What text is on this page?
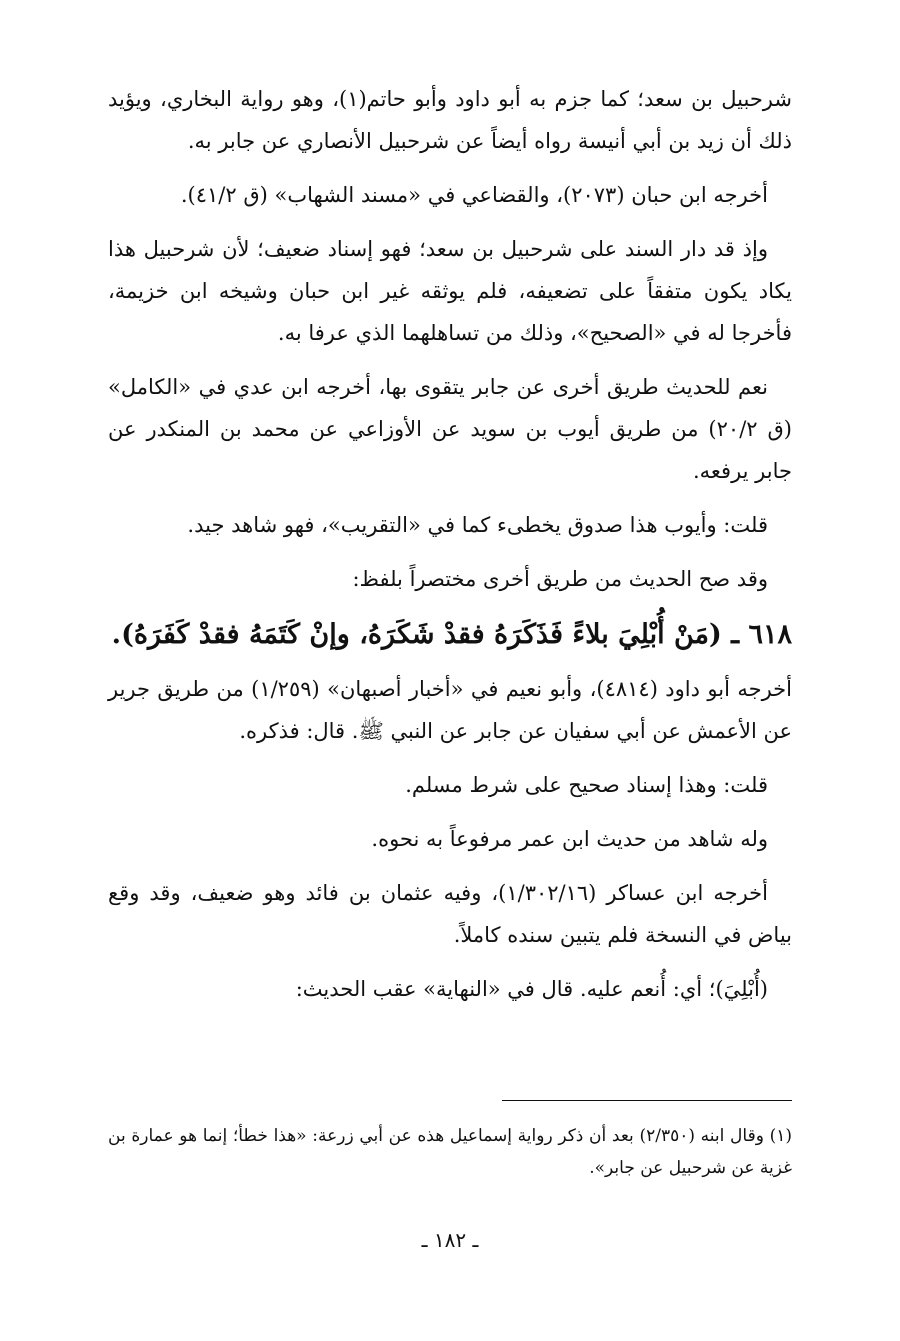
شرحبيل بن سعد؛ كما جزم به أبو داود وأبو حاتم(١)، وهو رواية البخاري، ويؤيد ذلك أن زيد بن أبي أنيسة رواه أيضاً عن شرحبيل الأنصاري عن جابر به.

أخرجه ابن حبان (٢٠٧٣)، والقضاعي في «مسند الشهاب» (ق ٤١/٢).

وإذ قد دار السند على شرحبيل بن سعد؛ فهو إسناد ضعيف؛ لأن شرحبيل هذا يكاد يكون متفقاً على تضعيفه، فلم يوثقه غير ابن حبان وشيخه ابن خزيمة، فأخرجا له في «الصحيح»، وذلك من تساهلهما الذي عرفا به.

نعم للحديث طريق أخرى عن جابر يتقوى بها، أخرجه ابن عدي في «الكامل» (ق ٢٠/٢) من طريق أيوب بن سويد عن الأوزاعي عن محمد بن المنكدر عن جابر يرفعه.

قلت: وأيوب هذا صدوق يخطىء كما في «التقريب»، فهو شاهد جيد.

وقد صح الحديث من طريق أخرى مختصراً بلفظ:

٦١٨ ـ (مَنْ أُبْلِيَ بلاءً فَذَكَرَهُ فقدْ شَكَرَهُ، وإنْ كَتَمَهُ فقدْ كَفَرَهُ).

أخرجه أبو داود (٤٨١٤)، وأبو نعيم في «أخبار أصبهان» (١/٢٥٩) من طريق جرير عن الأعمش عن أبي سفيان عن جابر عن النبي ﷺ. قال: فذكره.

قلت: وهذا إسناد صحيح على شرط مسلم.

وله شاهد من حديث ابن عمر مرفوعاً به نحوه.

أخرجه ابن عساكر (١/٣٠٢/١٦)، وفيه عثمان بن فائد وهو ضعيف، وقد وقع بياض في النسخة فلم يتبين سنده كاملاً.

(أُبْلِيَ)؛ أي: أُنعم عليه. قال في «النهاية» عقب الحديث:

(١) وقال ابنه (٢/٣٥٠) بعد أن ذكر رواية إسماعيل هذه عن أبي زرعة: «هذا خطأ؛ إنما هو عمارة بن غزية عن شرحبيل عن جابر».
ـ ١٨٢ ـ
